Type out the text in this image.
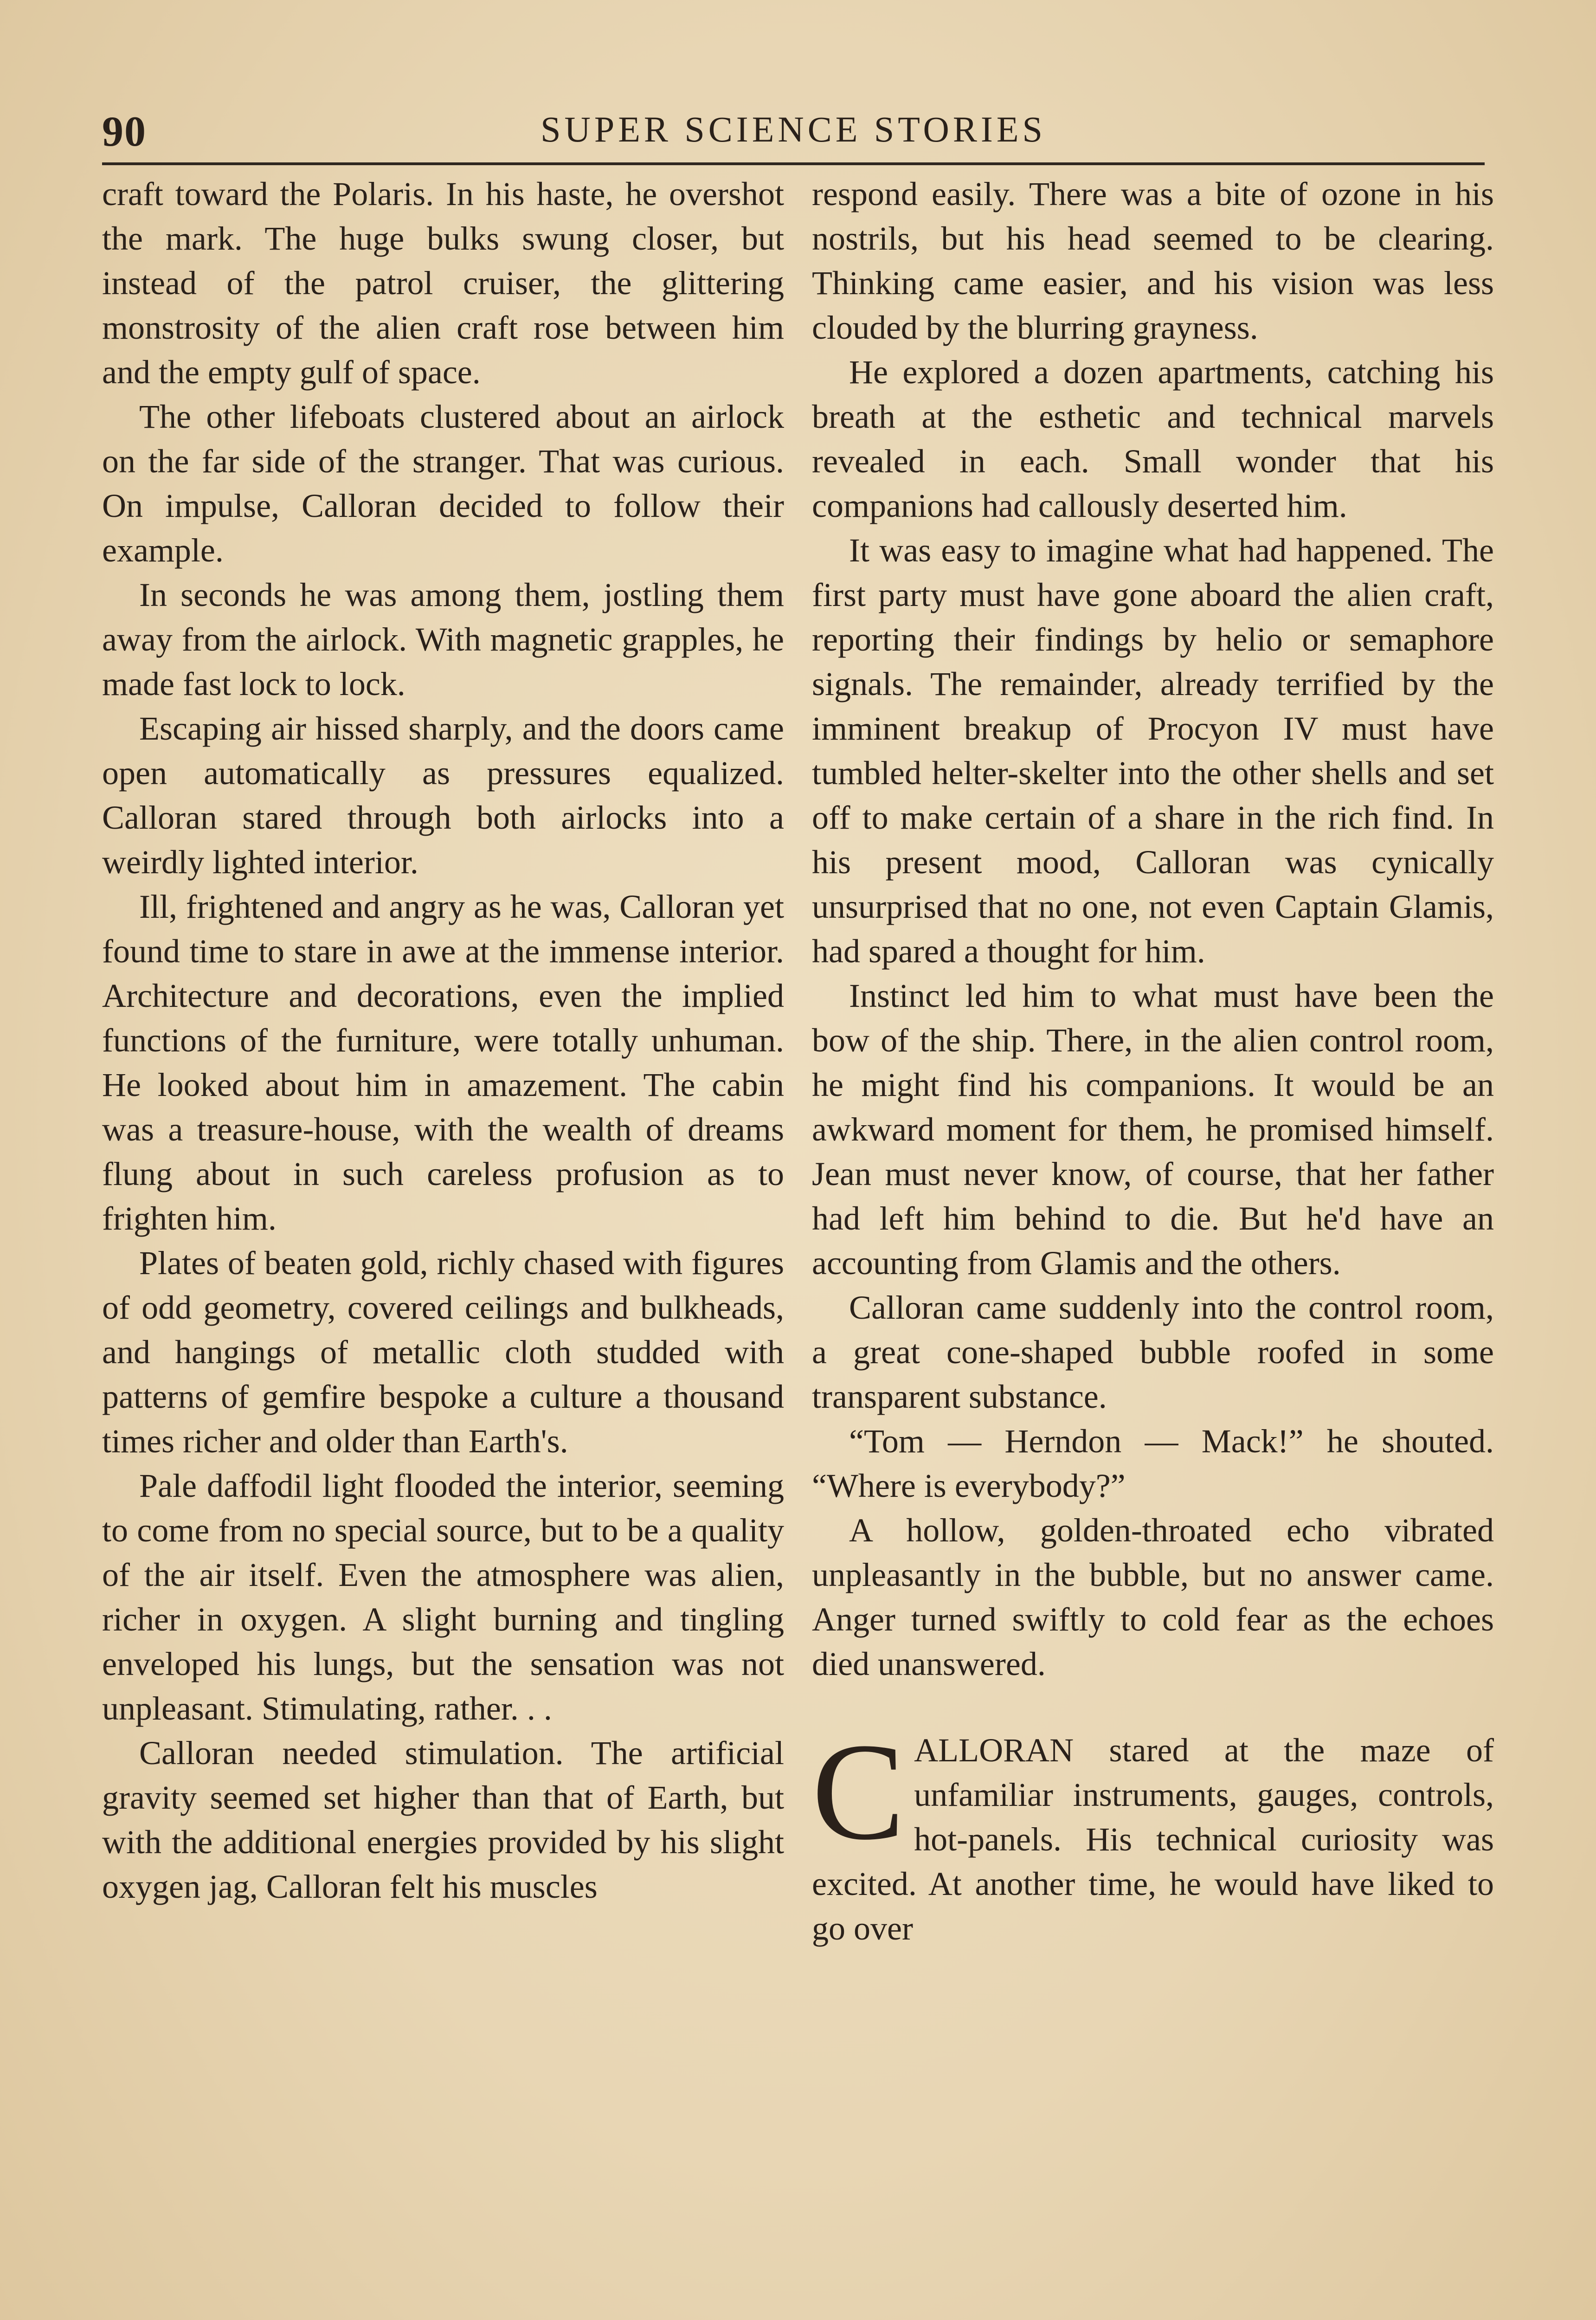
90	SUPER SCIENCE STORIES

craft toward the Polaris. In his haste, he overshot the mark. The huge bulks swung closer, but instead of the patrol cruiser, the glittering monstrosity of the alien craft rose between him and the empty gulf of space.

The other lifeboats clustered about an airlock on the far side of the stranger. That was curious. On impulse, Calloran decided to follow their example.

In seconds he was among them, jostling them away from the airlock. With magnetic grapples, he made fast lock to lock.

Escaping air hissed sharply, and the doors came open automatically as pressures equalized. Calloran stared through both airlocks into a weirdly lighted interior.

Ill, frightened and angry as he was, Calloran yet found time to stare in awe at the immense interior. Architecture and decorations, even the implied functions of the furniture, were totally unhuman. He looked about him in amazement. The cabin was a treasure-house, with the wealth of dreams flung about in such careless profusion as to frighten him.

Plates of beaten gold, richly chased with figures of odd geometry, covered ceilings and bulkheads, and hangings of metallic cloth studded with patterns of gemfire bespoke a culture a thousand times richer and older than Earth's.

Pale daffodil light flooded the interior, seeming to come from no special source, but to be a quality of the air itself. Even the atmosphere was alien, richer in oxygen. A slight burning and tingling enveloped his lungs, but the sensation was not unpleasant. Stimulating, rather. . .

Calloran needed stimulation. The artificial gravity seemed set higher than that of Earth, but with the additional energies provided by his slight oxygen jag, Calloran felt his muscles

respond easily. There was a bite of ozone in his nostrils, but his head seemed to be clearing. Thinking came easier, and his vision was less clouded by the blurring grayness.

He explored a dozen apartments, catching his breath at the esthetic and technical marvels revealed in each. Small wonder that his companions had callously deserted him.

It was easy to imagine what had happened. The first party must have gone aboard the alien craft, reporting their findings by helio or semaphore signals. The remainder, already terrified by the imminent breakup of Procyon IV must have tumbled helter-skelter into the other shells and set off to make certain of a share in the rich find. In his present mood, Calloran was cynically unsurprised that no one, not even Captain Glamis, had spared a thought for him.

Instinct led him to what must have been the bow of the ship. There, in the alien control room, he might find his companions. It would be an awkward moment for them, he promised himself. Jean must never know, of course, that her father had left him behind to die. But he'd have an accounting from Glamis and the others.

Calloran came suddenly into the control room, a great cone-shaped bubble roofed in some transparent substance.

“Tom — Herndon — Mack!” he shouted. “Where is everybody?”

A hollow, golden-throated echo vibrated unpleasantly in the bubble, but no answer came. Anger turned swiftly to cold fear as the echoes died unanswered.

CALLORAN stared at the maze of unfamiliar instruments, gauges, controls, hot-panels. His technical curiosity was excited. At another time, he would have liked to go over
